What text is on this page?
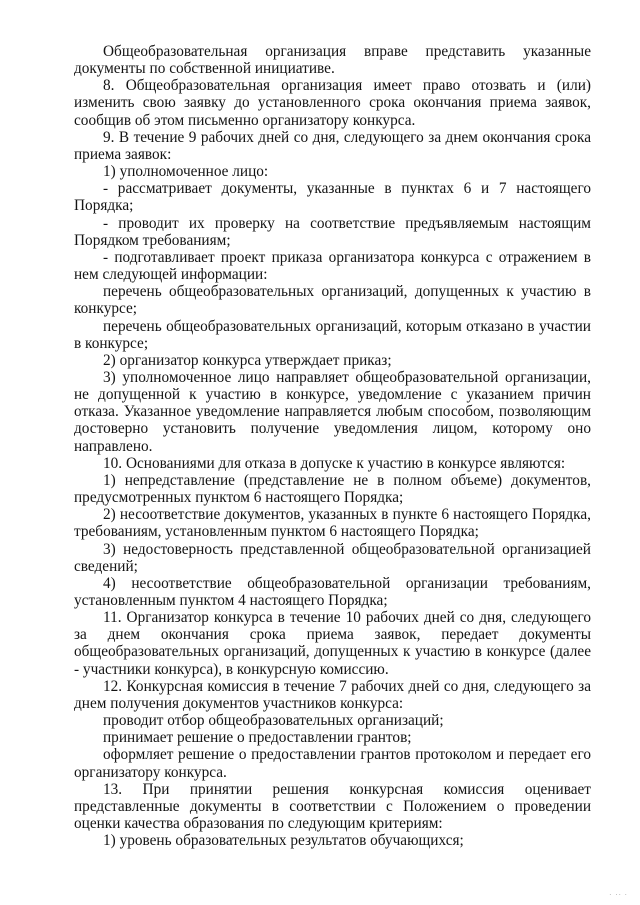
Общеобразовательная организация вправе представить указанные документы по собственной инициативе.

8. Общеобразовательная организация имеет право отозвать и (или) изменить свою заявку до установленного срока окончания приема заявок, сообщив об этом письменно организатору конкурса.

9. В течение 9 рабочих дней со дня, следующего за днем окончания срока приема заявок:

1) уполномоченное лицо:

- рассматривает документы, указанные в пунктах 6 и 7 настоящего Порядка;

- проводит их проверку на соответствие предъявляемым настоящим Порядком требованиям;

- подготавливает проект приказа организатора конкурса с отражением в нем следующей информации:

перечень общеобразовательных организаций, допущенных к участию в конкурсе;

перечень общеобразовательных организаций, которым отказано в участии в конкурсе;

2) организатор конкурса утверждает приказ;

3) уполномоченное лицо направляет общеобразовательной организации, не допущенной к участию в конкурсе, уведомление с указанием причин отказа. Указанное уведомление направляется любым способом, позволяющим достоверно установить получение уведомления лицом, которому оно направлено.

10. Основаниями для отказа в допуске к участию в конкурсе являются:

1) непредставление (представление не в полном объеме) документов, предусмотренных пунктом 6 настоящего Порядка;

2) несоответствие документов, указанных в пункте 6 настоящего Порядка, требованиям, установленным пунктом 6 настоящего Порядка;

3) недостоверность представленной общеобразовательной организацией сведений;

4) несоответствие общеобразовательной организации требованиям, установленным пунктом 4 настоящего Порядка;

11. Организатор конкурса в течение 10 рабочих дней со дня, следующего за днем окончания срока приема заявок, передает документы общеобразовательных организаций, допущенных к участию в конкурсе (далее - участники конкурса), в конкурсную комиссию.

12. Конкурсная комиссия в течение 7 рабочих дней со дня, следующего за днем получения документов участников конкурса:

проводит отбор общеобразовательных организаций;

принимает решение о предоставлении грантов;

оформляет решение о предоставлении грантов протоколом и передает его организатору конкурса.

13. При принятии решения конкурсная комиссия оценивает представленные документы в соответствии с Положением о проведении оценки качества образования по следующим критериям:

1) уровень образовательных результатов обучающихся;

· ·· ·
